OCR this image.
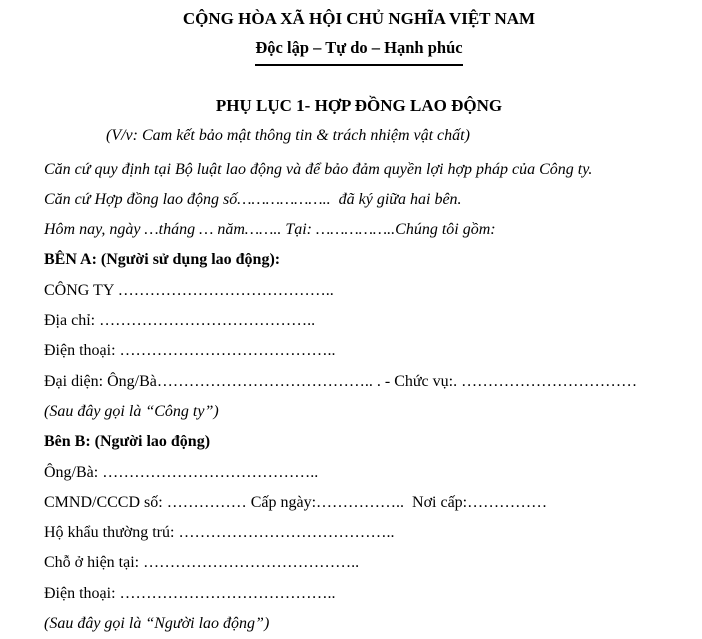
CỘNG HÒA XÃ HỘI CHỦ NGHĨA VIỆT NAM

Độc lập – Tự do – Hạnh phúc

PHỤ LỤC 1- HỢP ĐỒNG LAO ĐỘNG

(V/v: Cam kết bảo mật thông tin & trách nhiệm vật chất)

Căn cứ quy định tại Bộ luật lao động và để bảo đảm quyền lợi hợp pháp của Công ty.

Căn cứ Hợp đồng lao động số………………..  đã ký giữa hai bên.

Hôm nay, ngày …tháng … năm…….. Tại: ……………..Chúng tôi gồm:

BÊN A: (Người sử dụng lao động):

CÔNG TY …………………………………..

Địa chỉ: …………………………………..

Điện thoại: …………………………………..

Đại diện: Ông/Bà………………………………….. . - Chức vụ:. ……………………………

(Sau đây gọi là “Công ty”)

Bên B: (Người lao động)

Ông/Bà: …………………………………..

CMND/CCCD số: …………… Cấp ngày:……………..  Nơi cấp:……………

Hộ khẩu thường trú: …………………………………..

Chỗ ở hiện tại: …………………………………..

Điện thoại: …………………………………..

(Sau đây gọi là “Người lao động”)
